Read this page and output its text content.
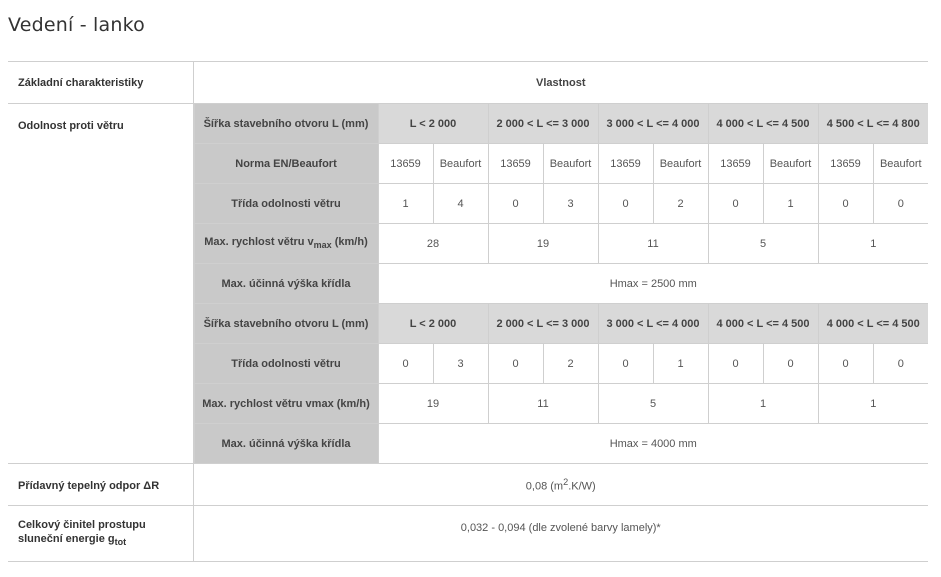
Vedení - lanko
Základní charakteristiky	Vlastnost
Odolnost proti větru		Šířka stavebního otvoru L (mm)	L < 2 000	2 000 < L <= 3 000	3 000 < L <= 4 000	4 000 < L <= 4 500	4 500 < L <= 4 800
Norma EN/Beaufort	13659	Beaufort	13659	Beaufort	13659	Beaufort	13659	Beaufort	13659	Beaufort
Třída odolnosti větru	1	4	0	3	0	2	0	1	0	0
Max. rychlost větru $v_{max}$ (km/h)	28	19	11	5	1
Max. účinná výška křídla	Hmax = 2500 mm
Šířka stavebního otvoru L (mm)	L < 2 000	2 000 < L <= 3 000	3 000 < L <= 4 000	4 000 < L <= 4 500	4 000 < L <= 4 500
Třída odolnosti větru	0	3	0	2	0	1	0	0	0	0
Max. rychlost větru vmax (km/h)	19	11	5	1	1
Max. účinná výška křídla	Hmax = 4000 mm

Přídavný tepelný odpor ΔR	0,08 $(m^2.K/W)$
Celkový činitel prostupu
sluneční energie $g_{tot}$	0,032 - 0,094 (dle zvolené barvy lamely)*
